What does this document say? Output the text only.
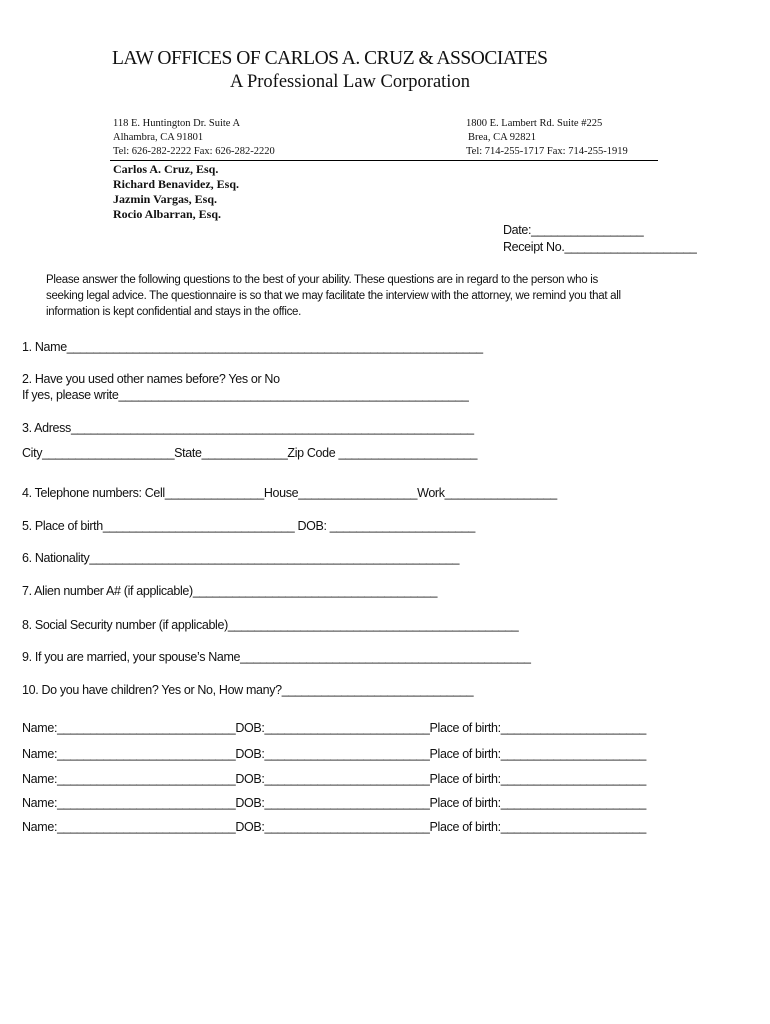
LAW OFFICES OF CARLOS A. CRUZ & ASSOCIATES
A Professional Law Corporation
118 E. Huntington Dr. Suite A
Alhambra, CA 91801
Tel: 626-282-2222 Fax: 626-282-2220
1800 E. Lambert Rd. Suite #225
Brea, CA 92821
Tel: 714-255-1717 Fax: 714-255-1919
Carlos A. Cruz, Esq.
Richard Benavidez, Esq.
Jazmin Vargas, Esq.
Rocio Albarran, Esq.
Date:_________________
Receipt No.____________________
Please answer the following questions to the best of your ability. These questions are in regard to the person who is
seeking legal advice. The questionnaire is so that we may facilitate the interview with the attorney, we remind you that all
information is kept confidential and stays in the office.
1. Name_______________________________________________________________
2. Have you used other names before? Yes or No
If yes, please write_____________________________________________________
3. Adress_____________________________________________________________
City____________________State_____________Zip Code _____________________
4. Telephone numbers: Cell_______________House__________________Work_________________
5. Place of birth_____________________________ DOB: ______________________
6. Nationality________________________________________________________
7. Alien number A# (if applicable)_____________________________________
8. Social Security number (if applicable)____________________________________________
9. If you are married, your spouse’s Name____________________________________________
10. Do you have children? Yes or No, How many?_____________________________
Name:___________________________DOB:_________________________Place of birth:______________________
Name:___________________________DOB:_________________________Place of birth:______________________
Name:___________________________DOB:_________________________Place of birth:______________________
Name:___________________________DOB:_________________________Place of birth:______________________
Name:___________________________DOB:_________________________Place of birth:______________________
